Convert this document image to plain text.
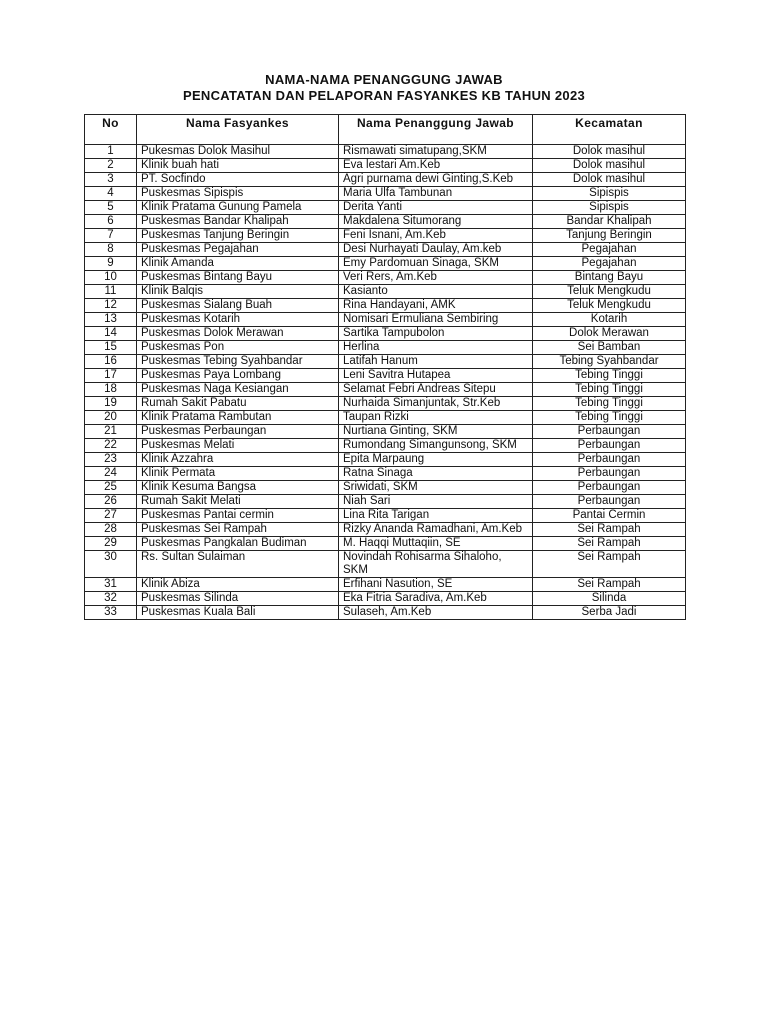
NAMA-NAMA PENANGGUNG JAWAB
PENCATATAN DAN PELAPORAN FASYANKES KB TAHUN 2023
No	Nama Fasyankes	Nama Penanggung Jawab	Kecamatan
1	Pukesmas Dolok Masihul	Rismawati simatupang,SKM	Dolok masihul
2	Klinik buah hati	Eva lestari Am.Keb	Dolok masihul
3	PT. Socfindo	Agri purnama dewi Ginting,S.Keb	Dolok masihul
4	Puskesmas Sipispis	Maria Ulfa Tambunan	Sipispis
5	Klinik Pratama Gunung Pamela	Derita Yanti	Sipispis
6	Puskesmas Bandar Khalipah	Makdalena Situmorang	Bandar Khalipah
7	Puskesmas Tanjung Beringin	Feni Isnani, Am.Keb	Tanjung Beringin
8	Puskesmas Pegajahan	Desi Nurhayati Daulay, Am.keb	Pegajahan
9	Klinik Amanda	Emy Pardomuan Sinaga, SKM	Pegajahan
10	Puskesmas Bintang Bayu	Veri Rers, Am.Keb	Bintang Bayu
11	Klinik Balqis	Kasianto	Teluk Mengkudu
12	Puskesmas Sialang Buah	Rina Handayani, AMK	Teluk Mengkudu
13	Puskesmas Kotarih	Nomisari Ermuliana Sembiring	Kotarih
14	Puskesmas Dolok Merawan	Sartika Tampubolon	Dolok Merawan
15	Puskesmas Pon	Herlina	Sei Bamban
16	Puskesmas Tebing Syahbandar	Latifah Hanum	Tebing Syahbandar
17	Puskesmas Paya Lombang	Leni Savitra Hutapea	Tebing Tinggi
18	Puskesmas Naga Kesiangan	Selamat Febri Andreas Sitepu	Tebing Tinggi
19	Rumah Sakit Pabatu	Nurhaida Simanjuntak, Str.Keb	Tebing Tinggi
20	Klinik Pratama Rambutan	Taupan Rizki	Tebing Tinggi
21	Puskesmas Perbaungan	Nurtiana Ginting, SKM	Perbaungan
22	Puskesmas Melati	Rumondang Simangunsong, SKM	Perbaungan
23	Klinik Azzahra	Epita Marpaung	Perbaungan
24	Klinik Permata	Ratna Sinaga	Perbaungan
25	Klinik Kesuma Bangsa	Sriwidati, SKM	Perbaungan
26	Rumah Sakit Melati	Niah Sari	Perbaungan
27	Puskesmas Pantai cermin	Lina Rita Tarigan	Pantai Cermin
28	Puskesmas Sei Rampah	Rizky Ananda Ramadhani, Am.Keb	Sei Rampah
29	Puskesmas Pangkalan Budiman	M. Haqqi Muttaqiin, SE	Sei Rampah
30	Rs. Sultan Sulaiman	Novindah Rohisarma Sihaloho, SKM	Sei Rampah
31	Klinik Abiza	Erfihani Nasution, SE	Sei Rampah
32	Puskesmas Silinda	Eka Fitria Saradiva, Am.Keb	Silinda
33	Puskesmas Kuala Bali	Sulaseh, Am.Keb	Serba Jadi
